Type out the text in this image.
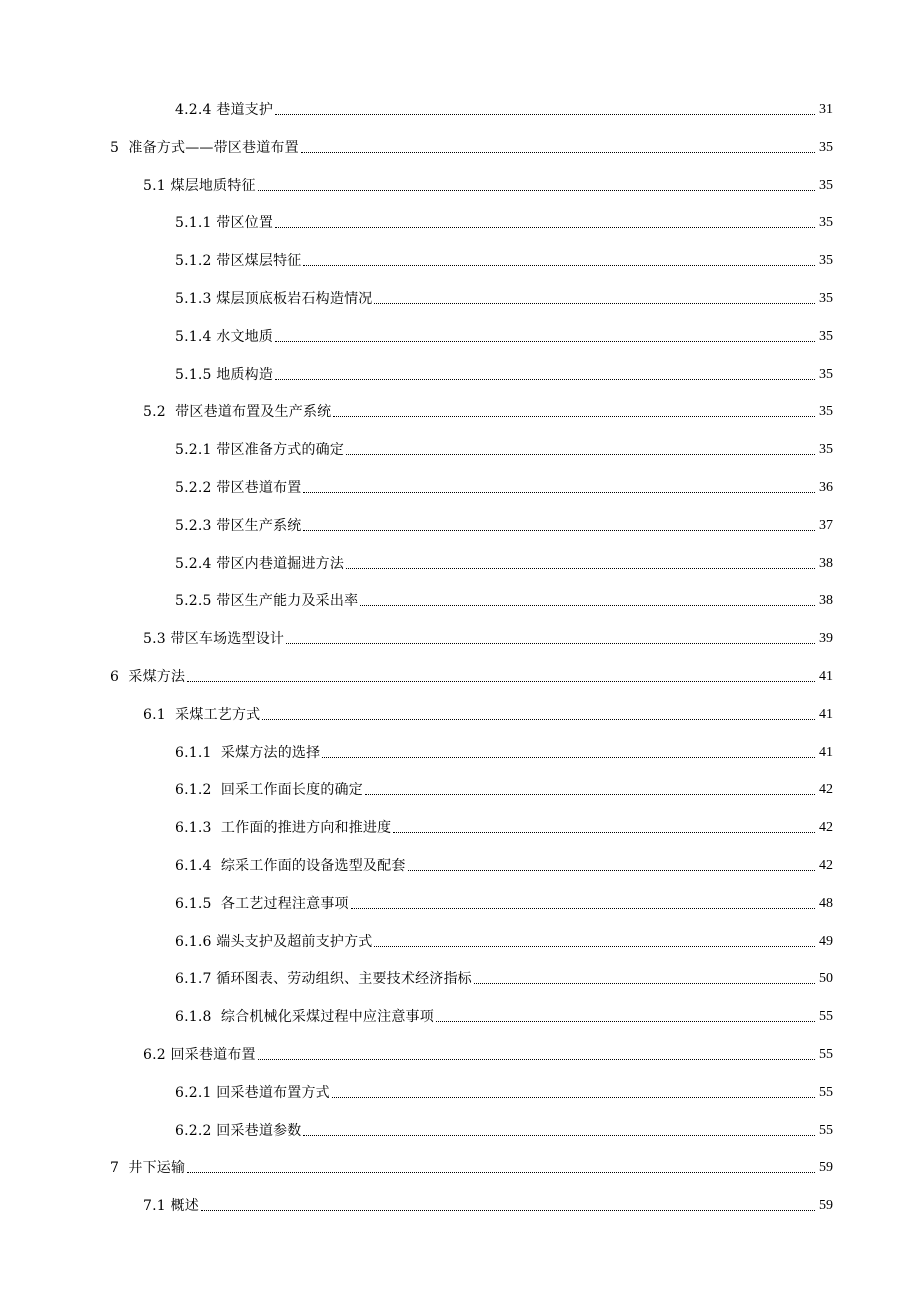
4.2.4 巷道支护	31
5  准备方式——带区巷道布置	35
5.1 煤层地质特征	35
5.1.1 带区位置	35
5.1.2 带区煤层特征	35
5.1.3 煤层顶底板岩石构造情况	35
5.1.4 水文地质	35
5.1.5 地质构造	35
5.2  带区巷道布置及生产系统	35
5.2.1 带区准备方式的确定	35
5.2.2 带区巷道布置	36
5.2.3 带区生产系统	37
5.2.4 带区内巷道掘进方法	38
5.2.5 带区生产能力及采出率	38
5.3 带区车场选型设计	39
6  采煤方法	41
6.1  采煤工艺方式	41
6.1.1  采煤方法的选择	41
6.1.2  回采工作面长度的确定	42
6.1.3  工作面的推进方向和推进度	42
6.1.4  综采工作面的设备选型及配套	42
6.1.5  各工艺过程注意事项	48
6.1.6 端头支护及超前支护方式	49
6.1.7 循环图表、劳动组织、主要技术经济指标	50
6.1.8  综合机械化采煤过程中应注意事项	55
6.2 回采巷道布置	55
6.2.1 回采巷道布置方式	55
6.2.2 回采巷道参数	55
7  井下运输	59
7.1 概述	59
